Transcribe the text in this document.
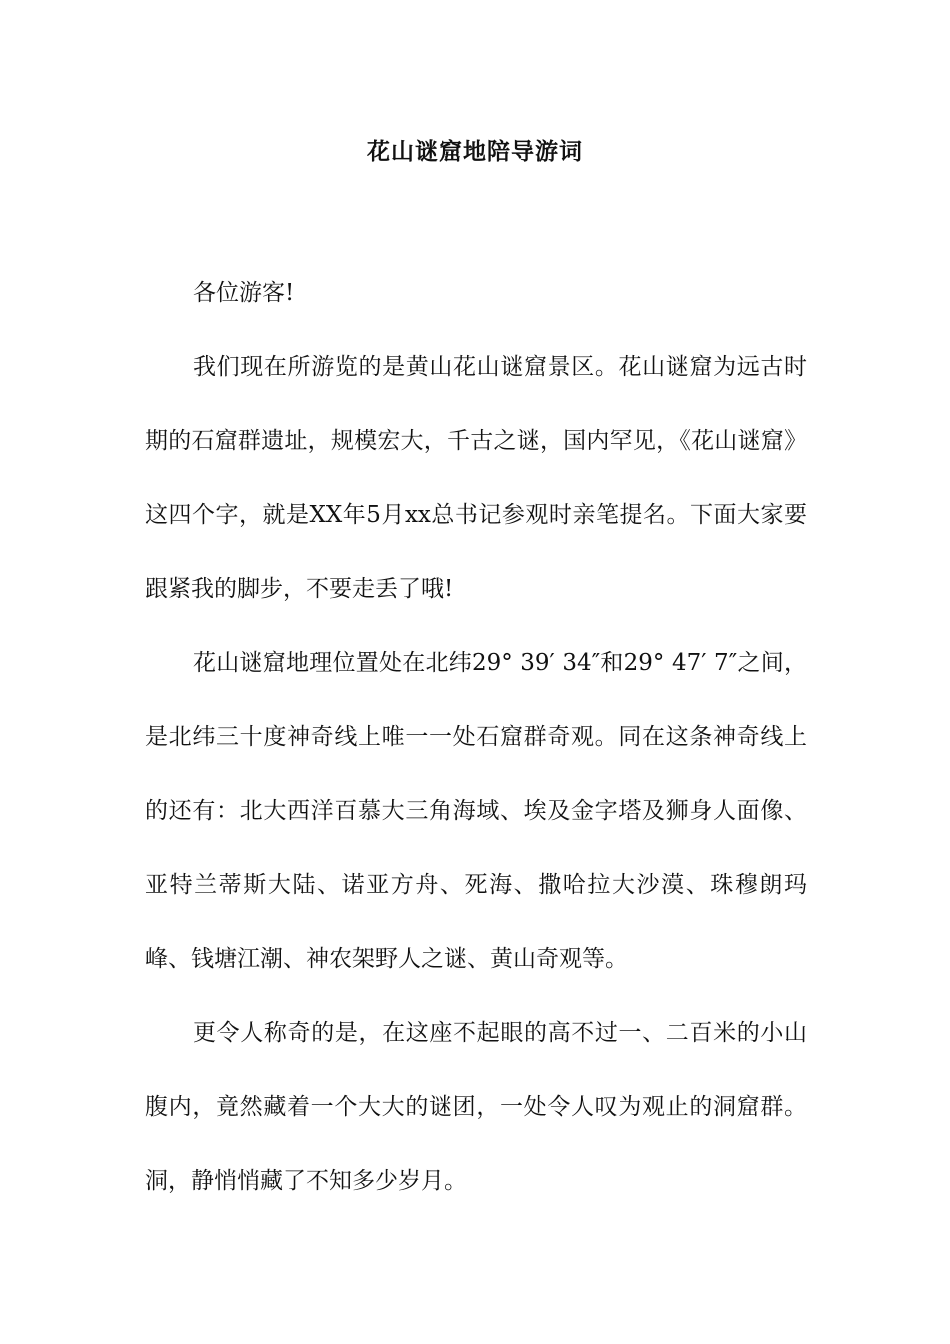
花山谜窟地陪导游词

各位游客!

我们现在所游览的是黄山花山谜窟景区。花山谜窟为远古时期的石窟群遗址，规模宏大，千古之谜，国内罕见，《花山谜窟》这四个字，就是XX年5月xx总书记参观时亲笔提名。下面大家要跟紧我的脚步，不要走丢了哦!

花山谜窟地理位置处在北纬29° 39′ 34″和29° 47′ 7″之间，是北纬三十度神奇线上唯一一处石窟群奇观。同在这条神奇线上的还有：北大西洋百慕大三角海域、埃及金字塔及狮身人面像、亚特兰蒂斯大陆、诺亚方舟、死海、撒哈拉大沙漠、珠穆朗玛峰、钱塘江潮、神农架野人之谜、黄山奇观等。

更令人称奇的是，在这座不起眼的高不过一、二百米的小山腹内，竟然藏着一个大大的谜团，一处令人叹为观止的洞窟群。洞，静悄悄藏了不知多少岁月。
